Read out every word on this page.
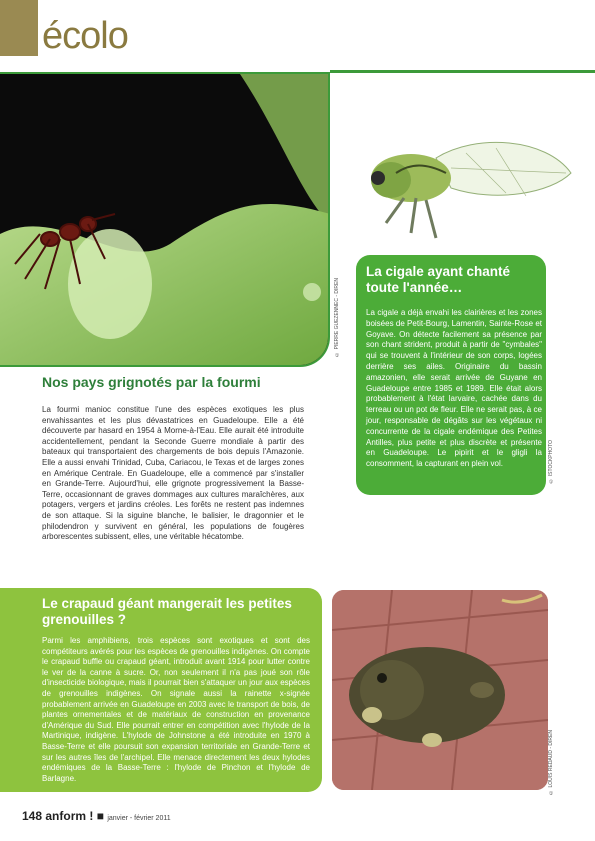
écolo
© PIERRE GUEZENNEC - DIREN
Nos pays grignotés par la fourmi
La fourmi manioc constitue l'une des espèces exotiques les plus envahissantes et les plus dévastatrices en Guadeloupe. Elle a été découverte par hasard en 1954 à Morne-à-l'Eau. Elle aurait été introduite accidentellement, pendant la Seconde Guerre mondiale à partir des bateaux qui transportaient des chargements de bois depuis l'Amazonie. Elle a aussi envahi Trinidad, Cuba, Cariacou, le Texas et de larges zones en Amérique Centrale. En Guadeloupe, elle a commencé par s'installer en Grande-Terre. Aujourd'hui, elle grignote progressivement la Basse-Terre, occasionnant de graves dommages aux cultures maraîchères, aux potagers, vergers et jardins créoles. Les forêts ne restent pas indemnes de son attaque. Si la siguine blanche, le balisier, le dragonnier et le philodendron y survivent en général, les populations de fougères arborescentes subissent, elles, une véritable hécatombe.
© ISTOCKPHOTO
La cigale ayant chanté toute l'année…
La cigale a déjà envahi les clairières et les zones boisées de Petit-Bourg, Lamentin, Sainte-Rose et Goyave. On détecte facilement sa présence par son chant strident, produit à partir de "cymbales" qui se trouvent à l'intérieur de son corps, logées derrière ses ailes. Originaire du bassin amazonien, elle serait arrivée de Guyane en Guadeloupe entre 1985 et 1989. Elle était alors probablement à l'état larvaire, cachée dans du terreau ou un pot de fleur. Elle ne serait pas, à ce jour, responsable de dégâts sur les végétaux ni concurrente de la cigale endémique des Petites Antilles, plus petite et plus discrète et présente en Guadeloupe. Le pipirit et le gligli la consomment, la capturant en plein vol.
Le crapaud géant mangerait les petites grenouilles ?
Parmi les amphibiens, trois espèces sont exotiques et sont des compétiteurs avérés pour les espèces de grenouilles indigènes. On compte le crapaud buffle ou crapaud géant, introduit avant 1914 pour lutter contre le ver de la canne à sucre. Or, non seulement il n'a pas joué son rôle d'insecticide biologique, mais il pourrait bien s'attaquer un jour aux espèces de grenouilles indigènes. On signale aussi la rainette x-signée probablement arrivée en Guadeloupe en 2003 avec le transport de bois, de plantes ornementales et de matériaux de construction en provenance d'Amérique du Sud. Elle pourrait entrer en compétition avec l'hylode de la Martinique, indigène. L'hylode de Johnstone a été introduite en 1970 à Basse-Terre et elle poursuit son expansion territoriale en Grande-Terre et sur les autres îles de l'archipel. Elle menace directement les deux hylodes endémiques de la Basse-Terre : l'hylode de Pinchon et l'hylode de Barlagne.	© LOUIS REDAUD - DIREN
148 anform ! ■ janvier - février 2011
